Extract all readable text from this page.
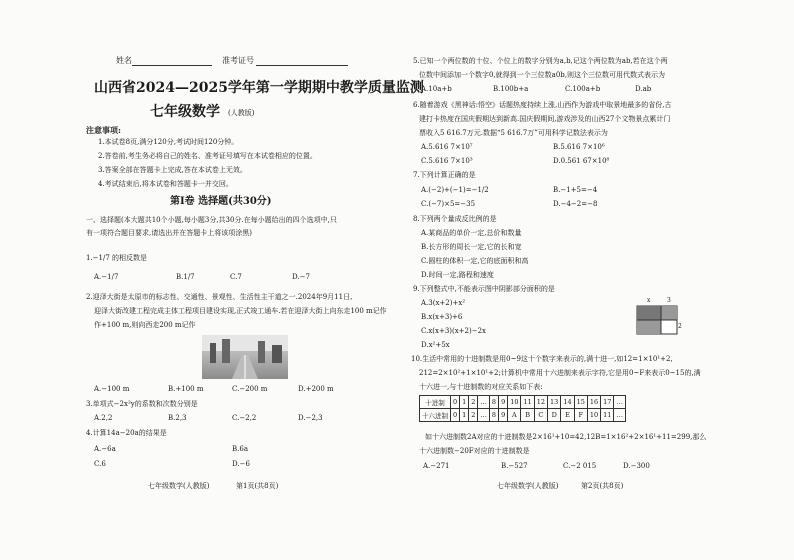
姓名	准考证号
山西省2024—2025学年第一学期期中教学质量监测
七年级数学 (人教版)
注意事项:
1.本试卷8页,满分120分,考试时间120分钟。
2.答卷前,考生务必将自己的姓名、准考证号填写在本试卷相应的位置。
3.答案全部在答题卡上完成,答在本试卷上无效。
4.考试结束后,将本试卷和答题卡一并交回。
第Ⅰ卷 选择题(共30分)
一、选择题(本大题共10个小题,每小题3分,共30分.在每小题给出的四个选项中,只
有一项符合题目要求,请选出并在答题卡上将该项涂黑)
1.−1/7 的相反数是
A.−1/7	B.1/7	C.7	D.−7
2.迎泽大街是太原市的标志性、交通性、景观性、生活性主干道之一.2024年9月11日,
迎泽大街改建工程完成主体工程项目建设实现,正式竣工通车.若在迎泽大街上向东走100 m记作
作+100 m,则向西走200 m记作
A.−100 m	B.+100 m	C.−200 m	D.+200 m
3.单项式−2x²y的系数和次数分别是
A.2,2	B.2,3	C.−2,2	D.−2,3
4.计算14a−20a的结果是
A.−6a	B.6a
C.6	D.−6
七年级数学(人教版)	第1页(共8页)
5.已知一个两位数的十位、个位上的数字分别为a,b,记这个两位数为ab,若在这个两
位数中间添加一个数字0,就得到一个三位数a0b,则这个三位数可用代数式表示为
A.10a+b	B.100b+a	C.100a+b	D.ab
6.随着游戏《黑神话:悟空》话题热度持续上涨,山西作为游戏中取景地最多的省份,古
建打卡热度在国庆假期达到新高.国庆假期间,游戏涉及的山西27个文物景点累计门
票收入5 616.7万元.数据“5 616.7万”可用科学记数法表示为
A.5.616 7×10⁷	B.5.616 7×10⁶
C.5.616 7×10³	D.0.561 67×10⁸
7.下列计算正确的是
A.(−2)+(−1)=−1/2	B.−1+5=−4
C.(−7)×5=−35	D.−4−2=−8
8.下列两个量成反比例的是
A.某商品的单价一定,总价和数量
B.长方形的周长一定,它的长和宽
C.圆柱的体积一定,它的底面积和高
D.时间一定,路程和速度
9.下列整式中,不能表示图中阴影部分面积的是
A.3(x+2)+x²
B.x(x+3)+6
C.x(x+3)(x+2)−2x
D.x²+5x
x	3
2
10.生活中常用的十进制数是用0~9这十个数字来表示的,满十进一,如12=1×10¹+2,
212=2×10²+1×10¹+2;计算机中常用十六进制来表示字符,它是用0~F来表示0~15的,满
十六进一,与十进制数的对应关系如下表:
十进制	0	1	2	…	8	9	10	11	12	13	14	15	16	17	…
十六进制	0	1	2	…	8	9	A	B	C	D	E	F	10	11	…
如十六进制数2A对应的十进制数是2×16¹+10=42,12B=1×16²+2×16¹+11=299,那么
十六进制数−20F对应的十进制数是
A.−271	B.−527	C.−2 015	D.−300
七年级数学(人教版)	第2页(共8页)
